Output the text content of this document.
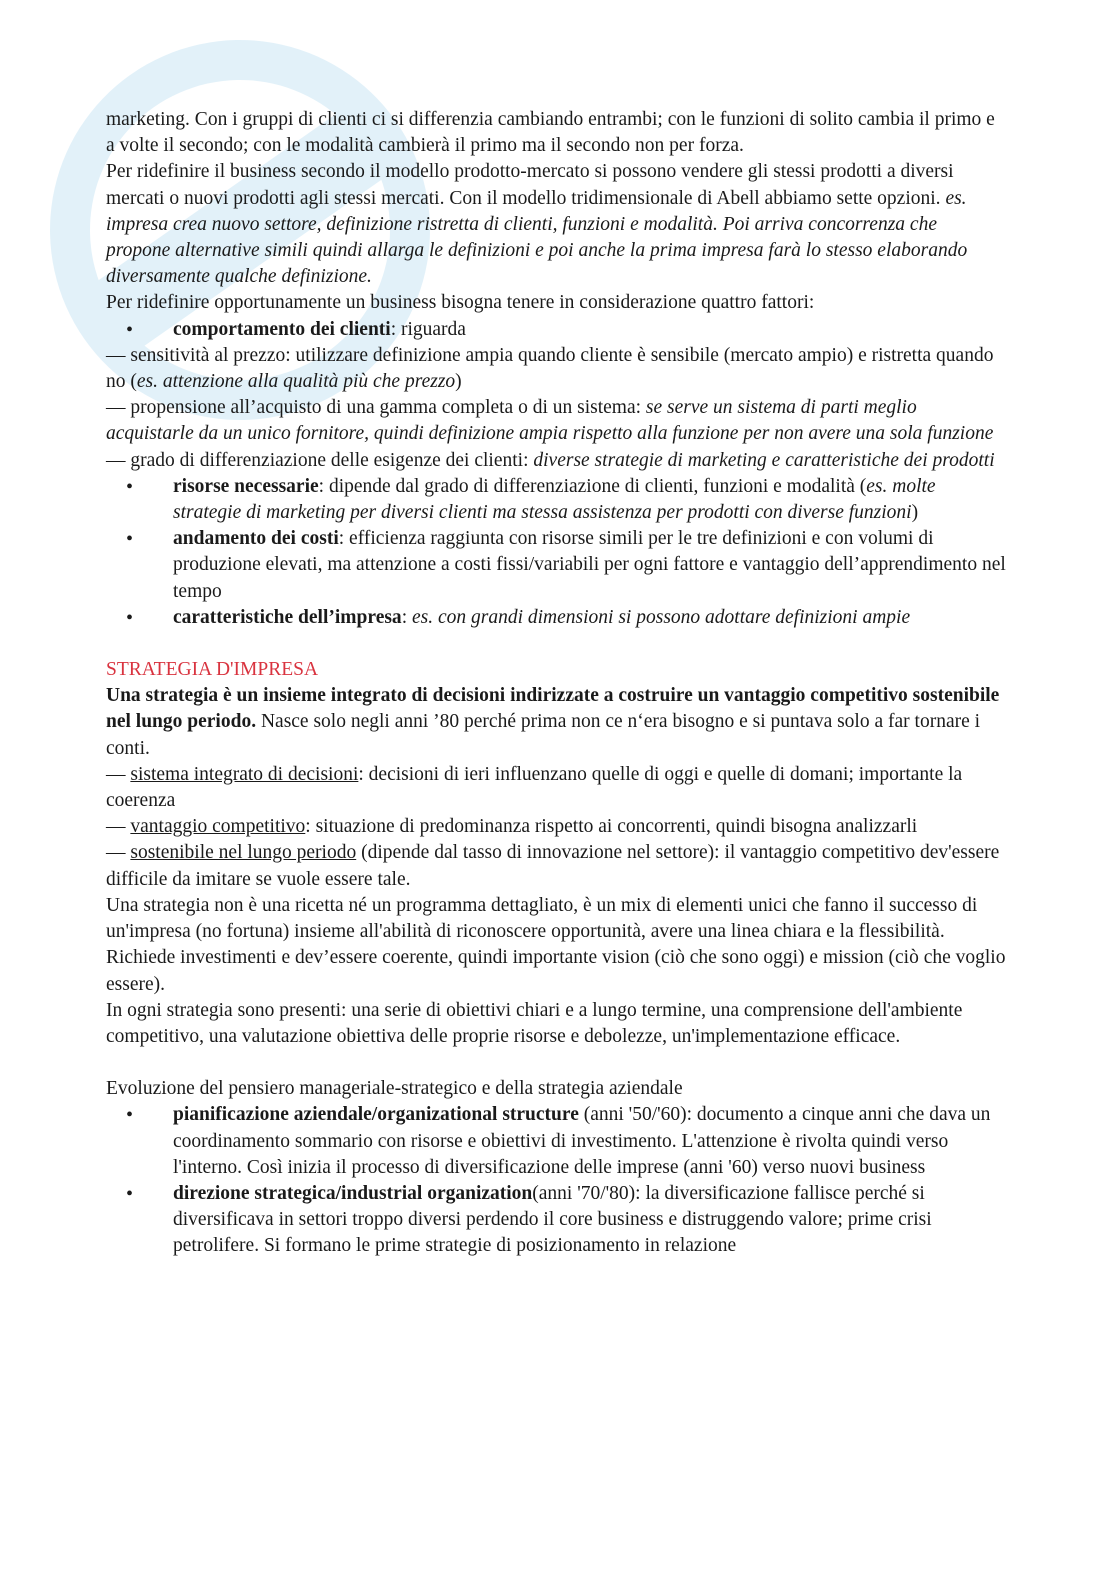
marketing. Con i gruppi di clienti ci si differenzia cambiando entrambi; con le funzioni di solito cambia il primo e a volte il secondo; con le modalità cambierà il primo ma il secondo non per forza.

Per ridefinire il business secondo il modello prodotto-mercato si possono vendere gli stessi prodotti a diversi mercati o nuovi prodotti agli stessi mercati. Con il modello tridimensionale di Abell abbiamo sette opzioni. es. impresa crea nuovo settore, definizione ristretta di clienti, funzioni e modalità. Poi arriva concorrenza che propone alternative simili quindi allarga le definizioni e poi anche la prima impresa farà lo stesso elaborando diversamente qualche definizione.

Per ridefinire opportunamente un business bisogna tenere in considerazione quattro fattori:

• comportamento dei clienti: riguarda

— sensitività al prezzo: utilizzare definizione ampia quando cliente è sensibile (mercato ampio) e ristretta quando no (es. attenzione alla qualità più che prezzo)

— propensione all’acquisto di una gamma completa o di un sistema: se serve un sistema di parti meglio acquistarle da un unico fornitore, quindi definizione ampia rispetto alla funzione per non avere una sola funzione

— grado di differenziazione delle esigenze dei clienti: diverse strategie di marketing e caratteristiche dei prodotti

• risorse necessarie: dipende dal grado di differenziazione di clienti, funzioni e modalità (es. molte strategie di marketing per diversi clienti ma stessa assistenza per prodotti con diverse funzioni)
• andamento dei costi: efficienza raggiunta con risorse simili per le tre definizioni e con volumi di produzione elevati, ma attenzione a costi fissi/variabili per ogni fattore e vantaggio dell’apprendimento nel tempo
• caratteristiche dell’impresa: es. con grandi dimensioni si possono adottare definizioni ampie

STRATEGIA D'IMPRESA

Una strategia è un insieme integrato di decisioni indirizzate a costruire un vantaggio competitivo sostenibile nel lungo periodo. Nasce solo negli anni ’80 perché prima non ce n‘era bisogno e si puntava solo a far tornare i conti.

— sistema integrato di decisioni: decisioni di ieri influenzano quelle di oggi e quelle di domani; importante la coerenza

— vantaggio competitivo: situazione di predominanza rispetto ai concorrenti, quindi bisogna analizzarli

— sostenibile nel lungo periodo (dipende dal tasso di innovazione nel settore): il vantaggio competitivo dev'essere difficile da imitare se vuole essere tale.

Una strategia non è una ricetta né un programma dettagliato, è un mix di elementi unici che fanno il successo di un'impresa (no fortuna) insieme all'abilità di riconoscere opportunità, avere una linea chiara e la flessibilità. Richiede investimenti e dev’essere coerente, quindi importante vision (ciò che sono oggi) e mission (ciò che voglio essere).

In ogni strategia sono presenti: una serie di obiettivi chiari e a lungo termine, una comprensione dell'ambiente competitivo, una valutazione obiettiva delle proprie risorse e debolezze, un'implementazione efficace.

Evoluzione del pensiero manageriale-strategico e della strategia aziendale

• pianificazione aziendale/organizational structure (anni '50/'60): documento a cinque anni che dava un coordinamento sommario con risorse e obiettivi di investimento. L'attenzione è rivolta quindi verso l'interno. Così inizia il processo di diversificazione delle imprese (anni '60) verso nuovi business
• direzione strategica/industrial organization(anni '70/'80): la diversificazione fallisce perché si diversificava in settori troppo diversi perdendo il core business e distruggendo valore; prime crisi petrolifere. Si formano le prime strategie di posizionamento in relazione
